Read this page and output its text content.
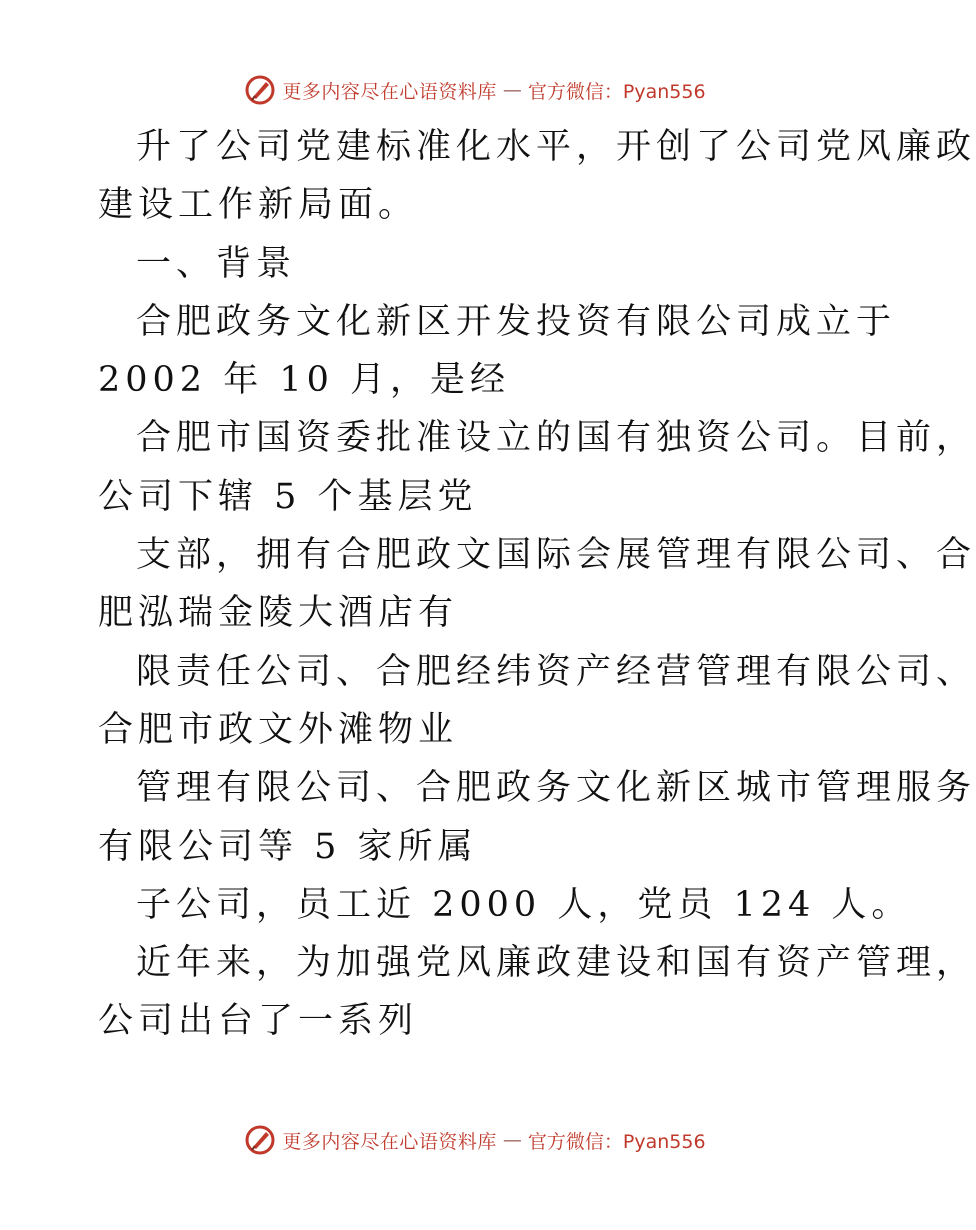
更多内容尽在心语资料库 — 官方微信：Pyan556
升了公司党建标准化水平，开创了公司党风廉政
建设工作新局面。
一、背景
合肥政务文化新区开发投资有限公司成立于
2002 年 10 月，是经
合肥市国资委批准设立的国有独资公司。目前，
公司下辖 5 个基层党
支部，拥有合肥政文国际会展管理有限公司、合
肥泓瑞金陵大酒店有
限责任公司、合肥经纬资产经营管理有限公司、
合肥市政文外滩物业
管理有限公司、合肥政务文化新区城市管理服务
有限公司等 5 家所属
子公司，员工近 2000 人，党员 124 人。
近年来，为加强党风廉政建设和国有资产管理，
公司出台了一系列
更多内容尽在心语资料库 — 官方微信：Pyan556
